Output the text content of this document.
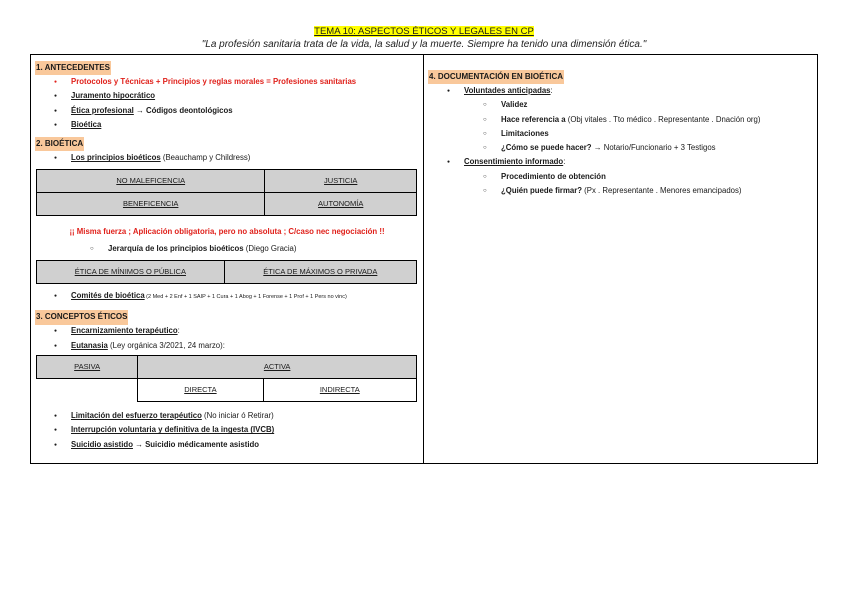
TEMA 10: ASPECTOS ÉTICOS Y LEGALES EN CP
"La profesión sanitaria trata de la vida, la salud y la muerte. Siempre ha tenido una dimensión ética."
1. ANTECEDENTES
● Protocolos y Técnicas + Principios y reglas morales = Profesiones sanitarias
● Juramento hipocrático
● Ética profesional → Códigos deontológicos
● Bioética
2. BIOÉTICA
● Los principios bioéticos (Beauchamp y Childress)
NO MALEFICENCIA	JUSTICIA
BENEFICENCIA	AUTONOMÍA
¡¡ Misma fuerza ; Aplicación obligatoria, pero no absoluta ; C/caso nec negociación !!
○ Jerarquía de los principios bioéticos (Diego Gracia)
ÉTICA DE MÍNIMOS O PÚBLICA	ÉTICA DE MÁXIMOS O PRIVADA
● Comités de bioética (2 Med + 2 Enf + 1 SAIP + 1 Cura + 1 Abog + 1 Forense + 1 Prof + 1 Pers no vinc)
3. CONCEPTOS ÉTICOS
● Encarnizamiento terapéutico:
● Eutanasia (Ley orgánica 3/2021, 24 marzo):
PASIVA	ACTIVA	
	DIRECTA	INDIRECTA
● Limitación del esfuerzo terapéutico (No iniciar ó Retirar)
● Interrupción voluntaria y definitiva de la ingesta (IVCB)
● Suicidio asistido → Suicidio médicamente asistido
4. DOCUMENTACIÓN EN BIOÉTICA
● Voluntades anticipadas:
○ Validez
○ Hace referencia a (Obj vitales . Tto médico . Representante . Dnación org)
○ Limitaciones
○ ¿Cómo se puede hacer? → Notario/Funcionario + 3 Testigos
● Consentimiento informado:
○ Procedimiento de obtención
○ ¿Quién puede firmar? (Px . Representante . Menores emancipados)
